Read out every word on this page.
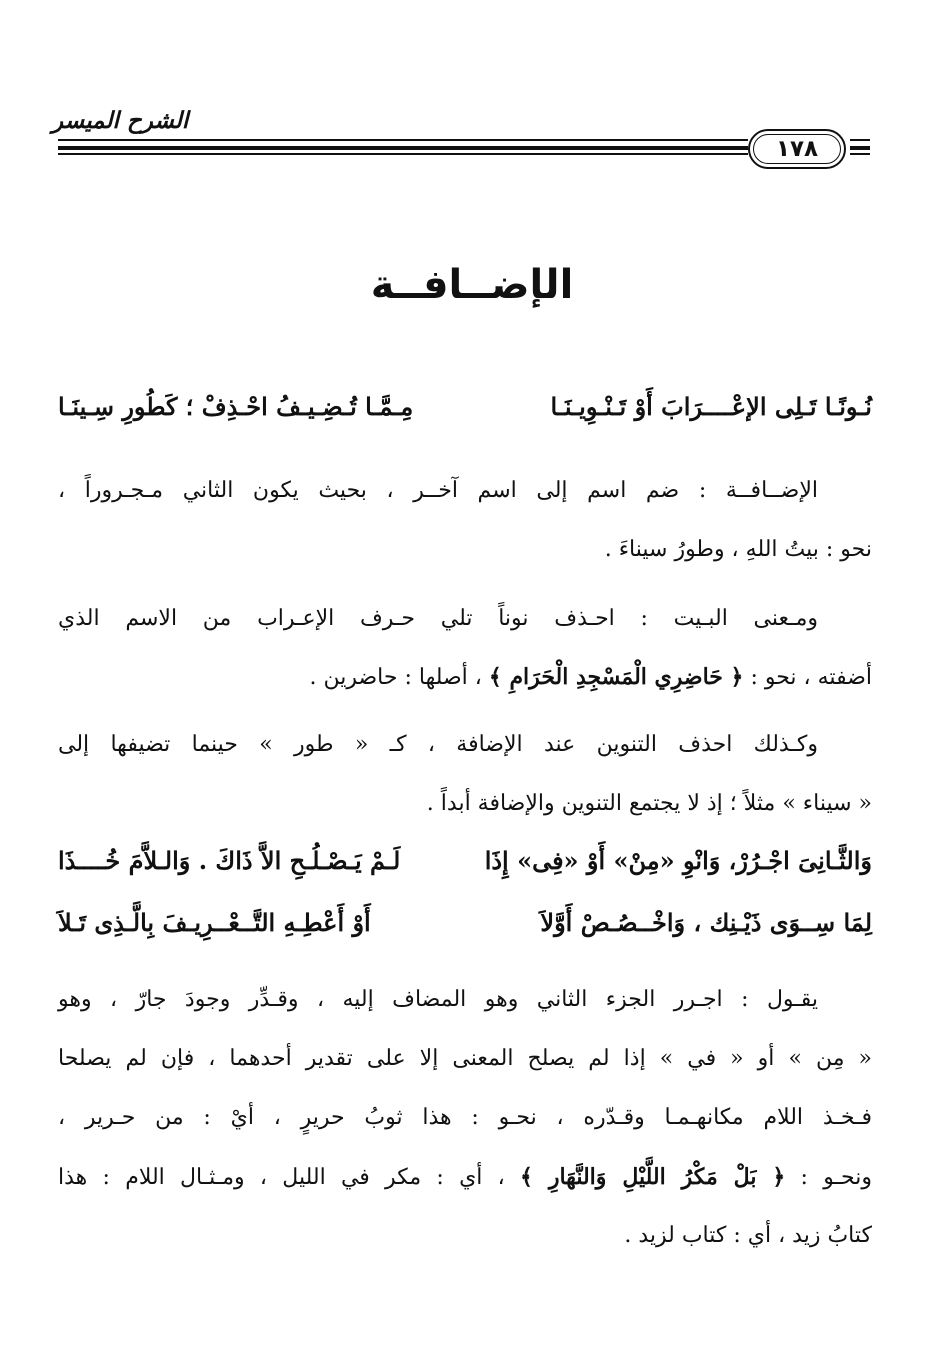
الشرح الميسر
١٧٨
الإضــافــة
نُـونًـا تَـلِى الإعْــــرَابَ أَوْ تَـنْـوِيـنَـا
مِـمَّـا تُـضِـيـفُ احْـذِفْ ؛ كَطُورِ سِـينَـا
الإضــافــة : ضم اسم إلى اسم آخــر ، بحيث يكون الثاني مـجـروراً ،
نحو : بيتُ اللهِ ، وطورُ سيناءَ .
ومـعنى البـيت : احـذف نوناً تلي حـرف الإعـراب من الاسم الذي
أضفته ، نحو : ﴿ حَاضِرِي الْمَسْجِدِ الْحَرَامِ ﴾ ، أصلها : حاضرين .
وكـذلك احذف التنوين عند الإضافة ، كـ « طور » حينما تضيفها إلى
« سيناء » مثلاً ؛ إذ لا يجتمع التنوين والإضافة أبداً .
وَالثَّـانِىَ اجْـرُرْ، وَانْوِ «مِنْ» أَوْ «فِى» إِذَا
لَـمْ يَـصْـلُـحِ الاَّ ذَاكَ . وَالـلاَّمَ خُــــذَا
لِمَا سِــوَى ذَيْـنِك ، وَاخْــصُـصْ أَوَّلاَ
أَوْ أَعْطِـهِ التَّــعْــرِيـفَ بِالَّـذِى تَـلاَ
يقـول : اجـرر الجزء الثاني وهو المضاف إليه ، وقـدِّر وجودَ جارّ ، وهو
« مِن » أو « في » إذا لم يصلح المعنى إلا على تقدير أحدهما ، فإن لم يصلحا
فـخـذ اللام مكانهـمـا وقـدّره ، نحـو : هذا ثوبُ حريرٍ ، أيْ : من حـرير ،
ونحـو : ﴿ بَلْ مَكْرُ اللَّيْلِ وَالنَّهَارِ ﴾ ، أي : مكر في الليل ، ومـثـال اللام : هذا
كتابُ زيد ، أي : كتاب لزيد .
